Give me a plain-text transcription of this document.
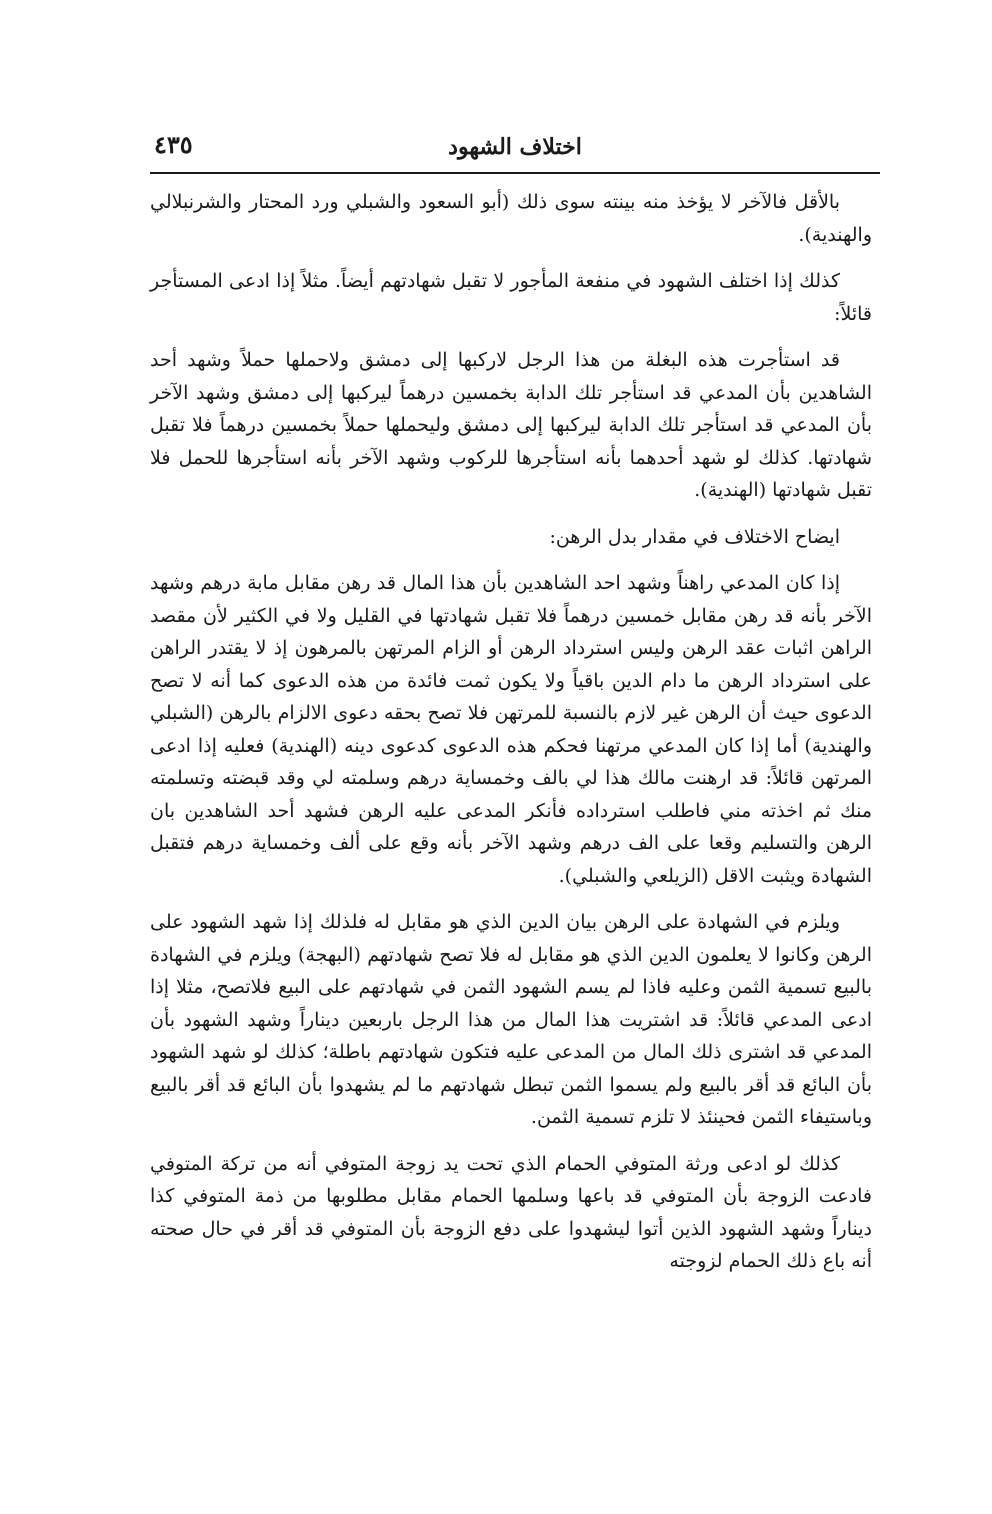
اختلاف الشهود
٤٣٥

بالأقل فالآخر لا يؤخذ منه بينته سوى ذلك (أبو السعود والشبلي ورد المحتار والشرنبلالي والهندية).

كذلك إذا اختلف الشهود في منفعة المأجور لا تقبل شهادتهم أيضاً. مثلاً إذا ادعى المستأجر قائلاً:

قد استأجرت هذه البغلة من هذا الرجل لاركبها إلى دمشق ولاحملها حملاً وشهد أحد الشاهدين بأن المدعي قد استأجر تلك الدابة بخمسين درهماً ليركبها إلى دمشق وشهد الآخر بأن المدعي قد استأجر تلك الدابة ليركبها إلى دمشق وليحملها حملاً بخمسين درهماً فلا تقبل شهادتها. كذلك لو شهد أحدهما بأنه استأجرها للركوب وشهد الآخر بأنه استأجرها للحمل فلا تقبل شهادتها (الهندية).

ايضاح الاختلاف في مقدار بدل الرهن:

إذا كان المدعي راهناً وشهد احد الشاهدين بأن هذا المال قد رهن مقابل مابة درهم وشهد الآخر بأنه قد رهن مقابل خمسين درهماً فلا تقبل شهادتها في القليل ولا في الكثير لأن مقصد الراهن اثبات عقد الرهن وليس استرداد الرهن أو الزام المرتهن بالمرهون إذ لا يقتدر الراهن على استرداد الرهن ما دام الدين باقياً ولا يكون ثمت فائدة من هذه الدعوى كما أنه لا تصح الدعوى حيث أن الرهن غير لازم بالنسبة للمرتهن فلا تصح بحقه دعوى الالزام بالرهن (الشبلي والهندية) أما إذا كان المدعي مرتهنا فحكم هذه الدعوى كدعوى دينه (الهندية) فعليه إذا ادعى المرتهن قائلاً: قد ارهنت مالك هذا لي بالف وخمساية درهم وسلمته لي وقد قبضته وتسلمته منك ثم اخذته مني فاطلب استرداده فأنكر المدعى عليه الرهن فشهد أحد الشاهدين بان الرهن والتسليم وقعا على الف درهم وشهد الآخر بأنه وقع على ألف وخمساية درهم فتقبل الشهادة ويثبت الاقل (الزيلعي والشبلي).

ويلزم في الشهادة على الرهن بيان الدين الذي هو مقابل له فلذلك إذا شهد الشهود على الرهن وكانوا لا يعلمون الدين الذي هو مقابل له فلا تصح شهادتهم (البهجة) ويلزم في الشهادة بالبيع تسمية الثمن وعليه فاذا لم يسم الشهود الثمن في شهادتهم على البيع فلاتصح، مثلا إذا ادعى المدعي قائلاً: قد اشتريت هذا المال من هذا الرجل باربعين ديناراً وشهد الشهود بأن المدعي قد اشترى ذلك المال من المدعى عليه فتكون شهادتهم باطلة؛ كذلك لو شهد الشهود بأن البائع قد أقر بالبيع ولم يسموا الثمن تبطل شهادتهم ما لم يشهدوا بأن البائع قد أقر بالبيع وباستيفاء الثمن فحينئذ لا تلزم تسمية الثمن.

كذلك لو ادعى ورثة المتوفي الحمام الذي تحت يد زوجة المتوفي أنه من تركة المتوفي فادعت الزوجة بأن المتوفي قد باعها وسلمها الحمام مقابل مطلوبها من ذمة المتوفي كذا ديناراً وشهد الشهود الذين أتوا ليشهدوا على دفع الزوجة بأن المتوفي قد أقر في حال صحته أنه باع ذلك الحمام لزوجته
